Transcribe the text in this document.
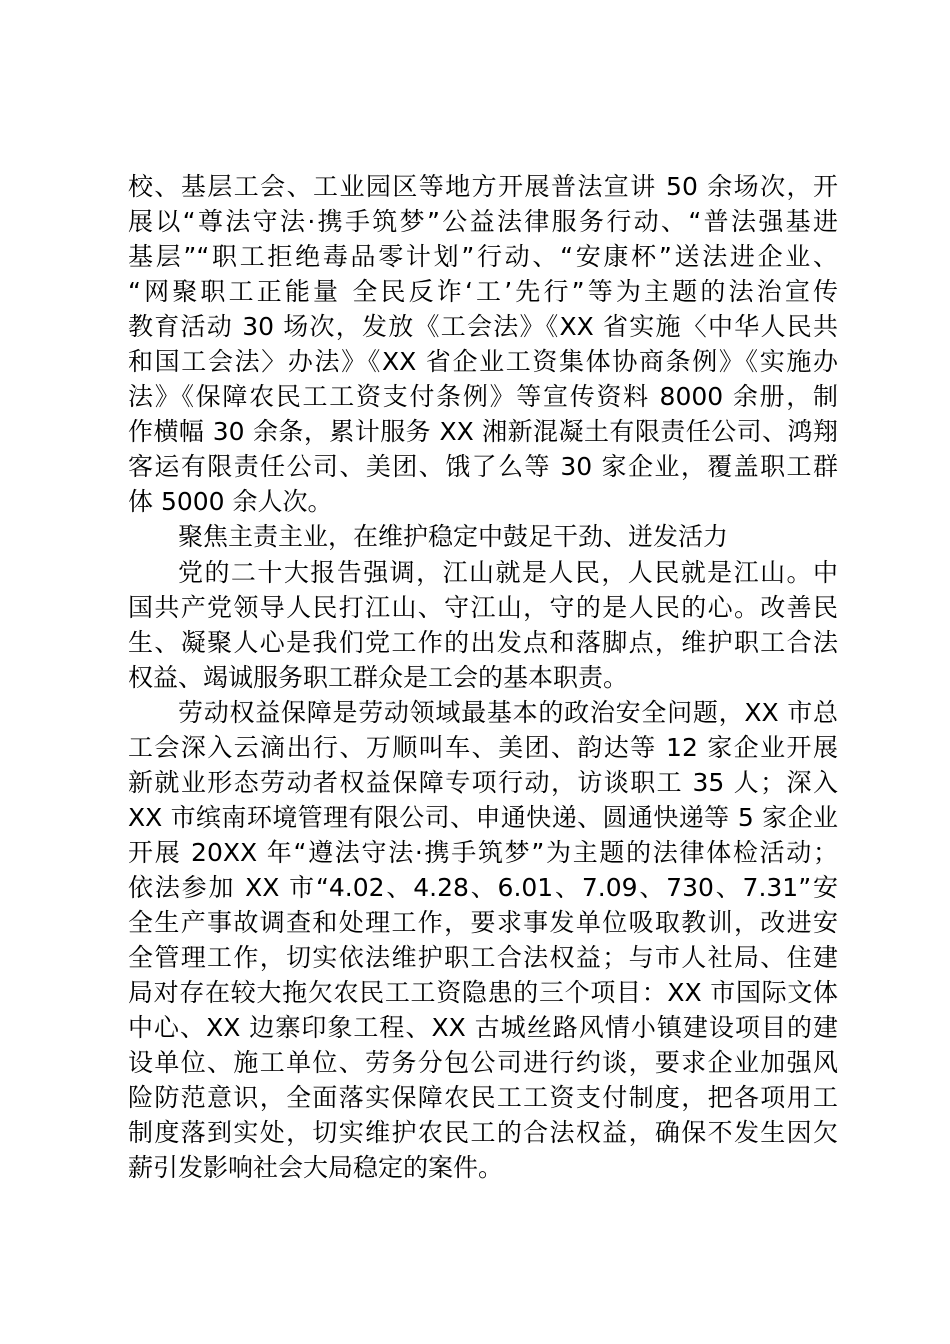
校、基层工会、工业园区等地方开展普法宣讲 50 余场次，开
展以“尊法守法·携手筑梦”公益法律服务行动、“普法强基进
基层”“职工拒绝毒品零计划”行动、“安康杯”送法进企业、
“网聚职工正能量 全民反诈‘工’先行”等为主题的法治宣传
教育活动 30 场次，发放《工会法》《XX 省实施〈中华人民共
和国工会法〉办法》《XX 省企业工资集体协商条例》《实施办
法》《保障农民工工资支付条例》等宣传资料 8000 余册，制
作横幅 30 余条，累计服务 XX 湘新混凝土有限责任公司、鸿翔
客运有限责任公司、美团、饿了么等 30 家企业，覆盖职工群
体 5000 余人次。
聚焦主责主业，在维护稳定中鼓足干劲、迸发活力
党的二十大报告强调，江山就是人民，人民就是江山。中
国共产党领导人民打江山、守江山，守的是人民的心。改善民
生、凝聚人心是我们党工作的出发点和落脚点，维护职工合法
权益、竭诚服务职工群众是工会的基本职责。
劳动权益保障是劳动领域最基本的政治安全问题，XX 市总
工会深入云滴出行、万顺叫车、美团、韵达等 12 家企业开展
新就业形态劳动者权益保障专项行动，访谈职工 35 人；深入
XX 市缤南环境管理有限公司、申通快递、圆通快递等 5 家企业
开展 20XX 年“遵法守法·携手筑梦”为主题的法律体检活动；
依法参加 XX 市“4.02、4.28、6.01、7.09、730、7.31”安
全生产事故调查和处理工作，要求事发单位吸取教训，改进安
全管理工作，切实依法维护职工合法权益；与市人社局、住建
局对存在较大拖欠农民工工资隐患的三个项目：XX 市国际文体
中心、XX 边寨印象工程、XX 古城丝路风情小镇建设项目的建
设单位、施工单位、劳务分包公司进行约谈，要求企业加强风
险防范意识，全面落实保障农民工工资支付制度，把各项用工
制度落到实处，切实维护农民工的合法权益，确保不发生因欠
薪引发影响社会大局稳定的案件。
